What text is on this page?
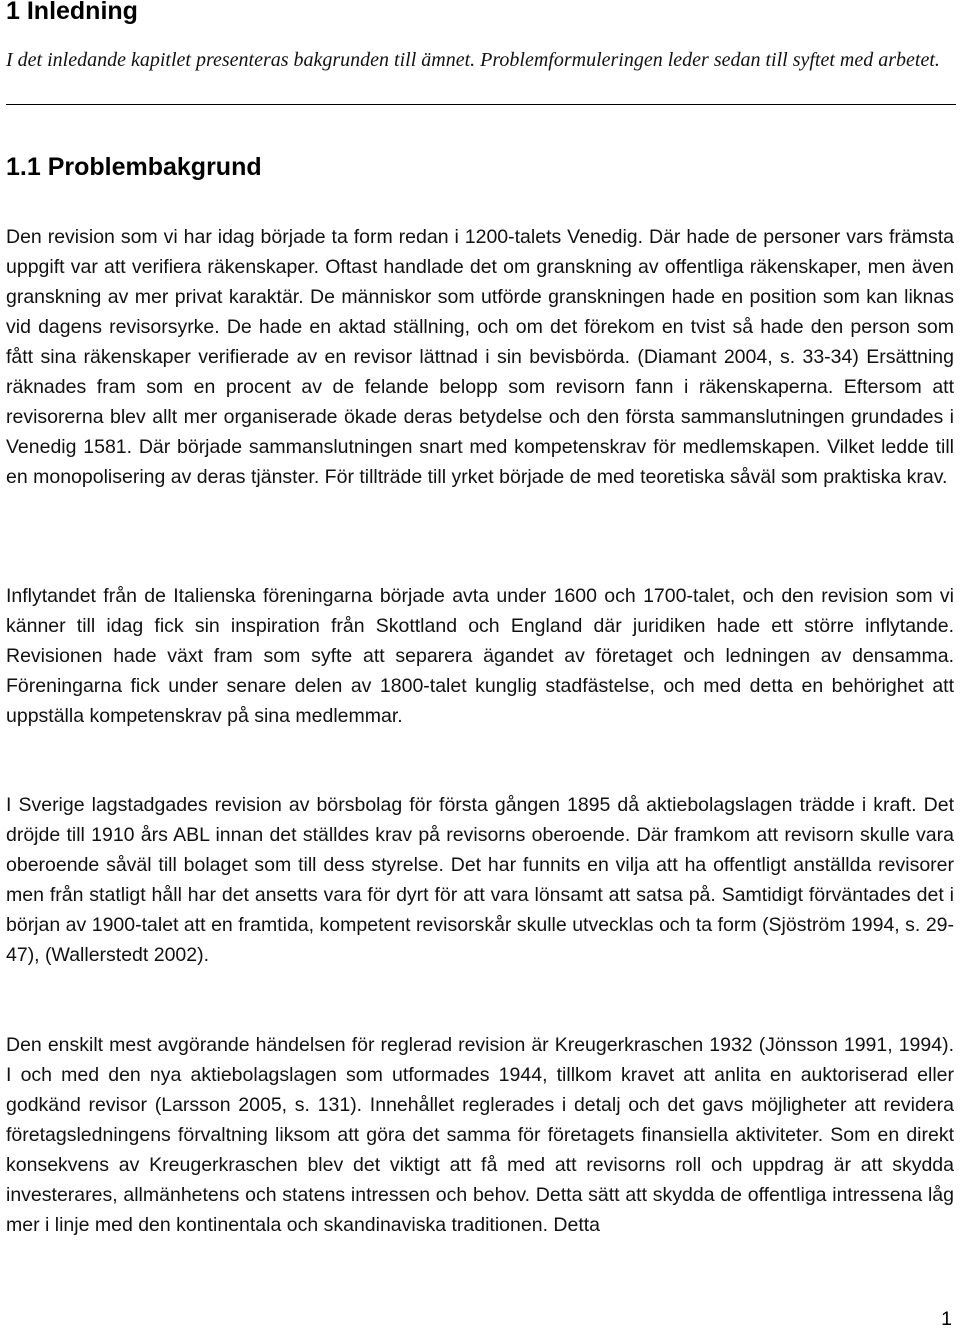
1 Inledning

I det inledande kapitlet presenteras bakgrunden till ämnet. Problemformuleringen leder sedan till syftet med arbetet.

1.1 Problembakgrund

Den revision som vi har idag började ta form redan i 1200-talets Venedig. Där hade de personer vars främsta uppgift var att verifiera räkenskaper. Oftast handlade det om granskning av offentliga räkenskaper, men även granskning av mer privat karaktär. De människor som utförde granskningen hade en position som kan liknas vid dagens revisorsyrke. De hade en aktad ställning, och om det förekom en tvist så hade den person som fått sina räkenskaper verifierade av en revisor lättnad i sin bevisbörda. (Diamant 2004, s. 33-34) Ersättning räknades fram som en procent av de felande belopp som revisorn fann i räkenskaperna. Eftersom att revisorerna blev allt mer organiserade ökade deras betydelse och den första sammanslutningen grundades i Venedig 1581. Där började sammanslutningen snart med kompetenskrav för medlemskapen. Vilket ledde till en monopolisering av deras tjänster. För tillträde till yrket började de med teoretiska såväl som praktiska krav.

Inflytandet från de Italienska föreningarna började avta under 1600 och 1700-talet, och den revision som vi känner till idag fick sin inspiration från Skottland och England där juridiken hade ett större inflytande. Revisionen hade växt fram som syfte att separera ägandet av företaget och ledningen av densamma. Föreningarna fick under senare delen av 1800-talet kunglig stadfästelse, och med detta en behörighet att uppställa kompetenskrav på sina medlemmar.

I Sverige lagstadgades revision av börsbolag för första gången 1895 då aktiebolagslagen trädde i kraft. Det dröjde till 1910 års ABL innan det ställdes krav på revisorns oberoende. Där framkom att revisorn skulle vara oberoende såväl till bolaget som till dess styrelse. Det har funnits en vilja att ha offentligt anställda revisorer men från statligt håll har det ansetts vara för dyrt för att vara lönsamt att satsa på. Samtidigt förväntades det i början av 1900-talet att en framtida, kompetent revisorskår skulle utvecklas och ta form (Sjöström 1994, s. 29-47), (Wallerstedt 2002).

Den enskilt mest avgörande händelsen för reglerad revision är Kreugerkraschen 1932 (Jönsson 1991, 1994). I och med den nya aktiebolagslagen som utformades 1944, tillkom kravet att anlita en auktoriserad eller godkänd revisor (Larsson 2005, s. 131). Innehållet reglerades i detalj och det gavs möjligheter att revidera företagsledningens förvaltning liksom att göra det samma för företagets finansiella aktiviteter. Som en direkt konsekvens av Kreugerkraschen blev det viktigt att få med att revisorns roll och uppdrag är att skydda investerares, allmänhetens och statens intressen och behov. Detta sätt att skydda de offentliga intressena låg mer i linje med den kontinentala och skandinaviska traditionen. Detta

1
